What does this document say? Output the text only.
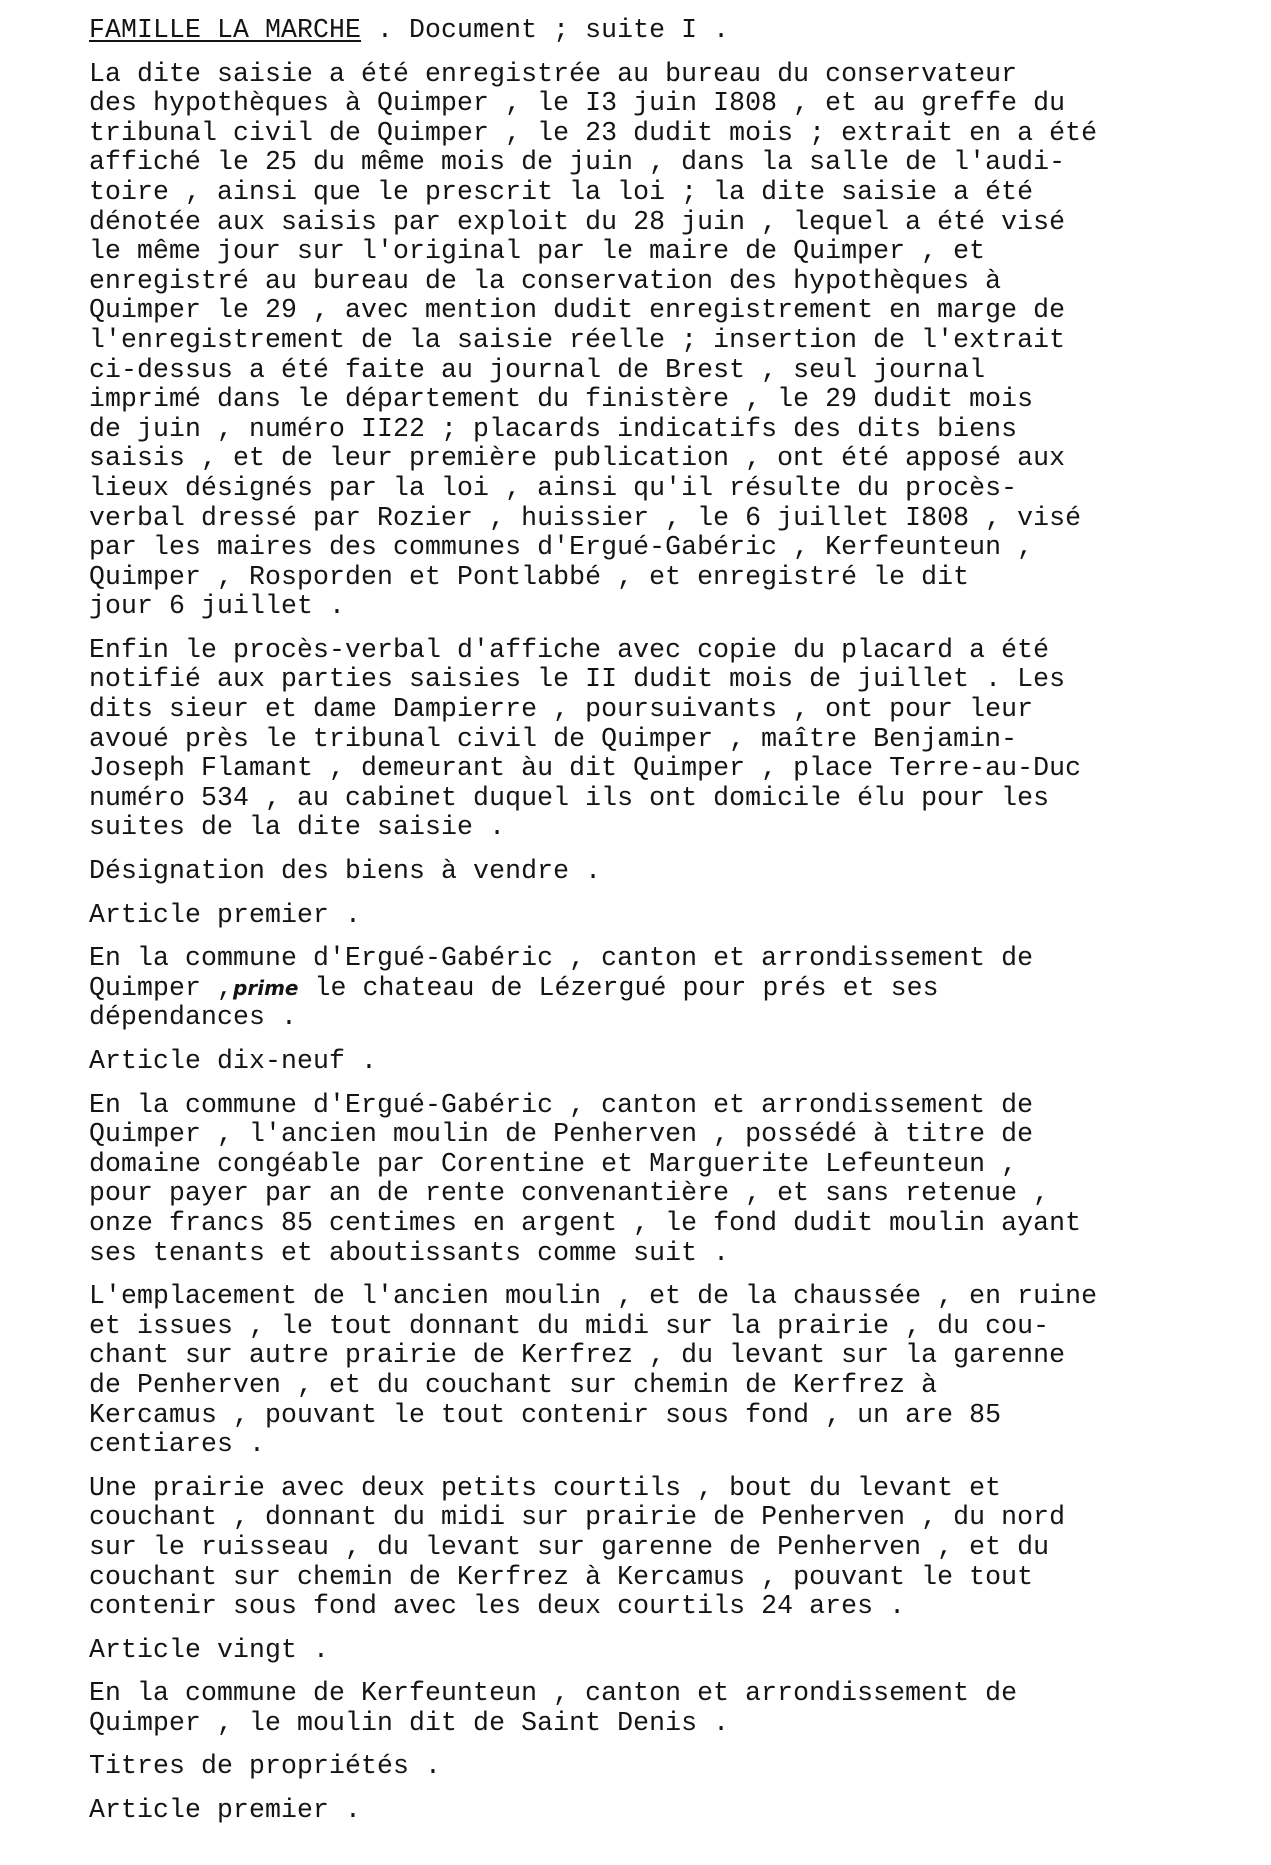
FAMILLE LA MARCHE . Document ; suite I .
La dite saisie a été enregistrée au bureau du conservateur
des hypothèques à Quimper , le I3 juin I808 , et au greffe du
tribunal civil de Quimper , le 23 dudit mois ; extrait en a été
affiché le 25 du même mois de juin , dans la salle de l'audi-
toire , ainsi que le prescrit la loi ; la dite saisie a été
dénotée aux saisis par exploit du 28 juin , lequel a été visé
le même jour sur l'original par le maire de Quimper , et
enregistré au bureau de la conservation des hypothèques à
Quimper le 29 , avec mention dudit enregistrement en marge de
l'enregistrement de la saisie réelle ; insertion de l'extrait
ci-dessus a été faite au journal de Brest , seul journal
imprimé dans le département du finistère , le 29 dudit mois
de juin , numéro II22 ; placards indicatifs des dits biens
saisis , et de leur première publication , ont été apposé aux
lieux désignés par la loi , ainsi qu'il résulte du procès-
verbal dressé par Rozier , huissier , le 6 juillet I808 , visé
par les maires des communes d'Ergué-Gabéric , Kerfeunteun ,
Quimper , Rosporden et Pontlabbé , et enregistré le dit
jour 6 juillet .
Enfin le procès-verbal d'affiche avec copie du placard a été
notifié aux parties saisies le II dudit mois de juillet . Les
dits sieur et dame Dampierre , poursuivants , ont pour leur
avoué près le tribunal civil de Quimper , maître Benjamin-
Joseph Flamant , demeurant àu dit Quimper , place Terre-au-Duc
numéro 534 , au cabinet duquel ils ont domicile élu pour les
suites de la dite saisie .
Désignation des biens à vendre .
Article premier .
En la commune d'Ergué-Gabéric , canton et arrondissement de
Quimper ,prime le chateau de Lézergué pour prés et ses
dépendances .
Article dix-neuf .
En la commune d'Ergué-Gabéric , canton et arrondissement de
Quimper , l'ancien moulin de Penherven , possédé à titre de
domaine congéable par Corentine et Marguerite Lefeunteun ,
pour payer par an de rente convenantière , et sans retenue ,
onze francs 85 centimes en argent , le fond dudit moulin ayant
ses tenants et aboutissants comme suit .
L'emplacement de l'ancien moulin , et de la chaussée , en ruine
et issues , le tout donnant du midi sur la prairie , du cou-
chant sur autre prairie de Kerfrez , du levant sur la garenne
de Penherven , et du couchant sur chemin de Kerfrez à
Kercamus , pouvant le tout contenir sous fond , un are 85
centiares .
Une prairie avec deux petits courtils , bout du levant et
couchant , donnant du midi sur prairie de Penherven , du nord
sur le ruisseau , du levant sur garenne de Penherven , et du
couchant sur chemin de Kerfrez à Kercamus , pouvant le tout
contenir sous fond avec les deux courtils 24 ares .
Article vingt .
En la commune de Kerfeunteun , canton et arrondissement de
Quimper , le moulin dit de Saint Denis .
Titres de propriétés .
Article premier .
